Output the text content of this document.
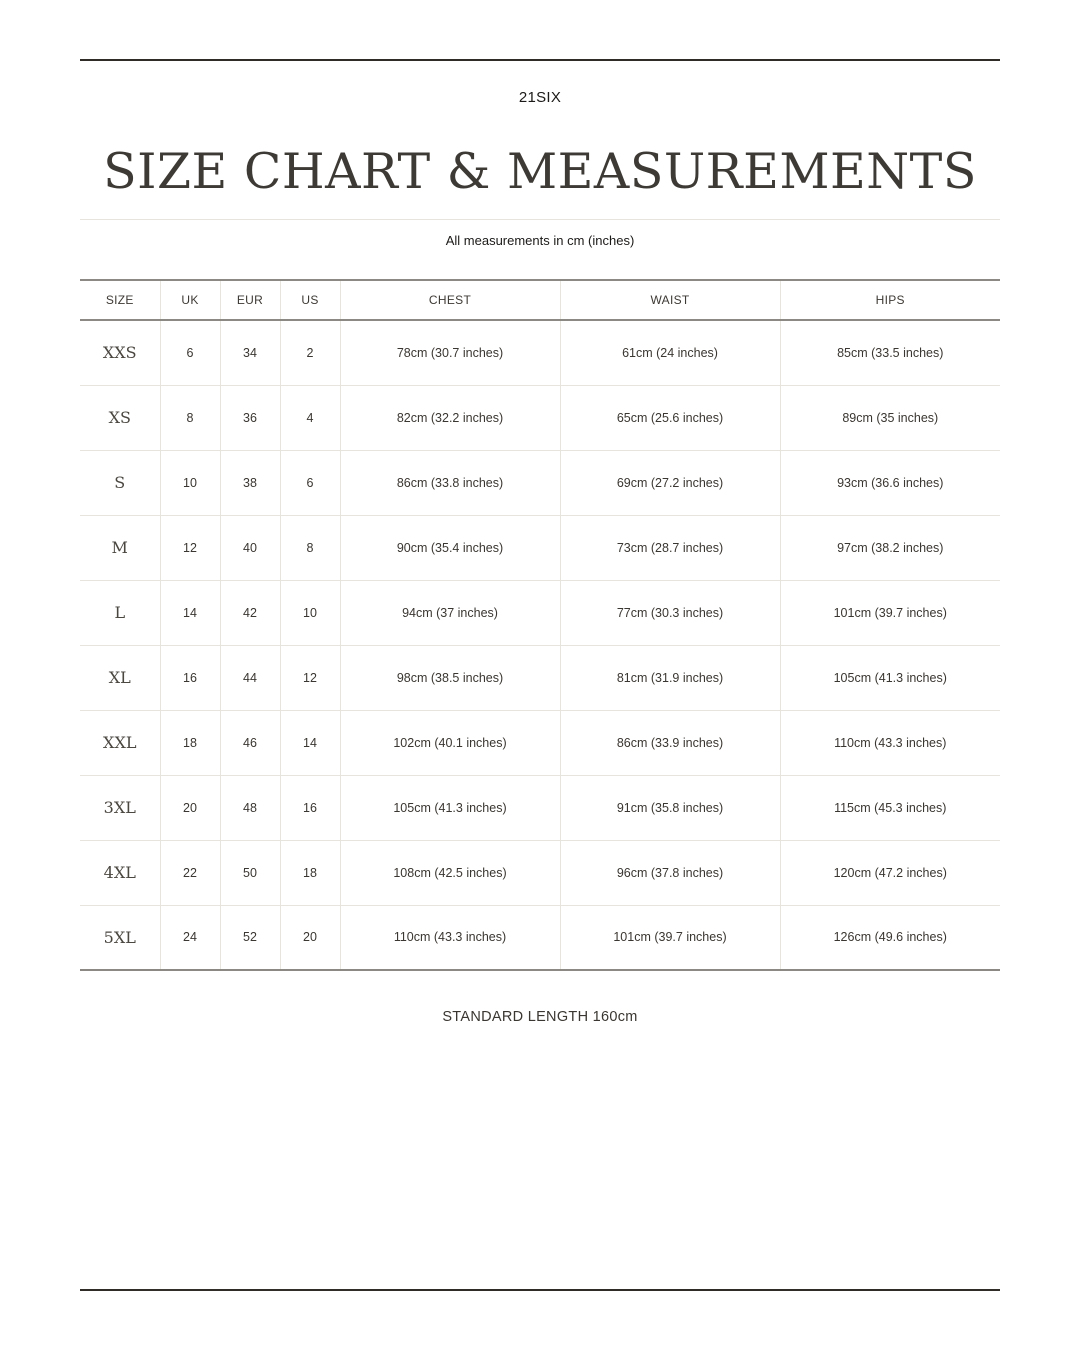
21SIX
SIZE CHART & MEASUREMENTS
All measurements in cm (inches)
SIZE	UK	EUR	US	CHEST	WAIST	HIPS
XXS	6	34	2	78cm (30.7 inches)	61cm (24 inches)	85cm (33.5 inches)
XS	8	36	4	82cm (32.2 inches)	65cm (25.6 inches)	89cm (35 inches)
S	10	38	6	86cm (33.8 inches)	69cm (27.2 inches)	93cm (36.6 inches)
M	12	40	8	90cm (35.4 inches)	73cm (28.7 inches)	97cm (38.2 inches)
L	14	42	10	94cm (37 inches)	77cm (30.3 inches)	101cm (39.7 inches)
XL	16	44	12	98cm (38.5 inches)	81cm (31.9 inches)	105cm (41.3 inches)
XXL	18	46	14	102cm (40.1 inches)	86cm (33.9 inches)	110cm (43.3 inches)
3XL	20	48	16	105cm (41.3 inches)	91cm (35.8 inches)	115cm (45.3 inches)
4XL	22	50	18	108cm (42.5 inches)	96cm (37.8 inches)	120cm (47.2 inches)
5XL	24	52	20	110cm (43.3 inches)	101cm (39.7 inches)	126cm (49.6 inches)
STANDARD LENGTH 160cm
